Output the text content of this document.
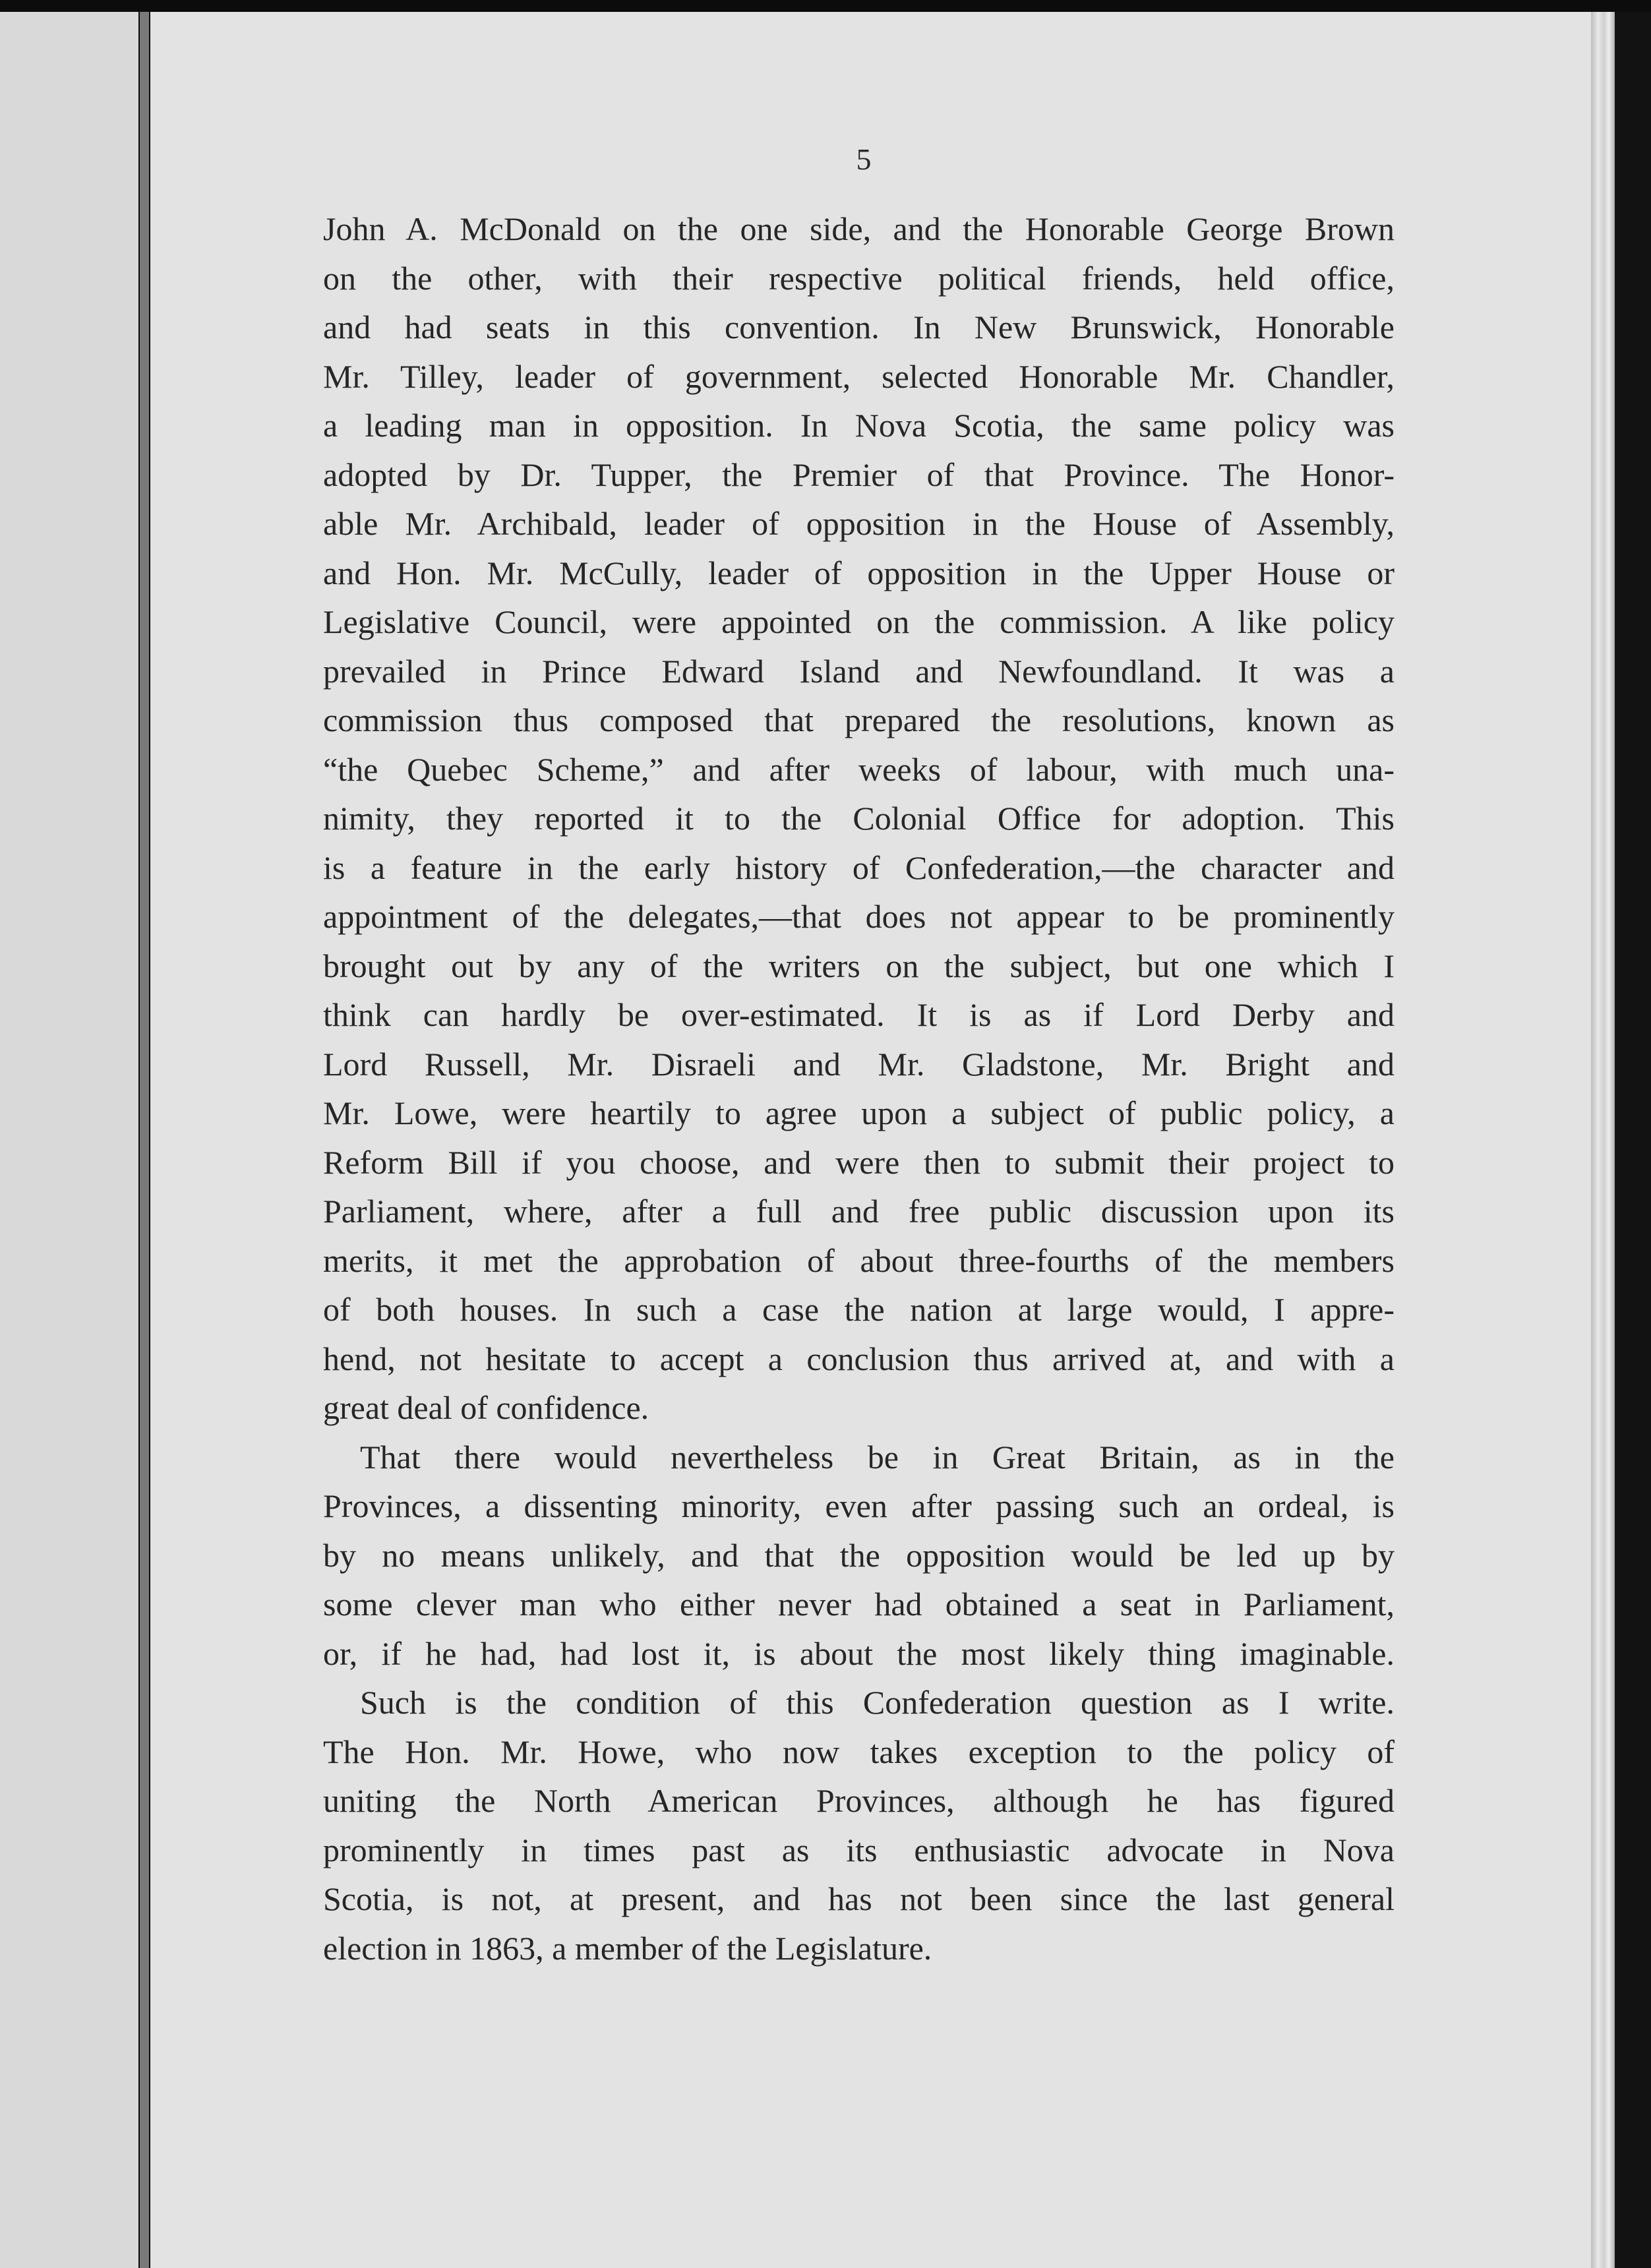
5
John A. McDonald on the one side, and the Honorable George Brown
on the other, with their respective political friends, held office,
and had seats in this convention. In New Brunswick, Honorable
Mr. Tilley, leader of government, selected Honorable Mr. Chandler,
a leading man in opposition. In Nova Scotia, the same policy was
adopted by Dr. Tupper, the Premier of that Province. The Honor-
able Mr. Archibald, leader of opposition in the House of Assembly,
and Hon. Mr. McCully, leader of opposition in the Upper House or
Legislative Council, were appointed on the commission. A like policy
prevailed in Prince Edward Island and Newfoundland. It was a
commission thus composed that prepared the resolutions, known as
“the Quebec Scheme,” and after weeks of labour, with much una-
nimity, they reported it to the Colonial Office for adoption. This
is a feature in the early history of Confederation,—the character and
appointment of the delegates,—that does not appear to be prominently
brought out by any of the writers on the subject, but one which I
think can hardly be over-estimated. It is as if Lord Derby and
Lord Russell, Mr. Disraeli and Mr. Gladstone, Mr. Bright and
Mr. Lowe, were heartily to agree upon a subject of public policy, a
Reform Bill if you choose, and were then to submit their project to
Parliament, where, after a full and free public discussion upon its
merits, it met the approbation of about three-fourths of the members
of both houses. In such a case the nation at large would, I appre-
hend, not hesitate to accept a conclusion thus arrived at, and with a
great deal of confidence.
That there would nevertheless be in Great Britain, as in the
Provinces, a dissenting minority, even after passing such an ordeal, is
by no means unlikely, and that the opposition would be led up by
some clever man who either never had obtained a seat in Parliament,
or, if he had, had lost it, is about the most likely thing imaginable.
Such is the condition of this Confederation question as I write.
The Hon. Mr. Howe, who now takes exception to the policy of
uniting the North American Provinces, although he has figured
prominently in times past as its enthusiastic advocate in Nova
Scotia, is not, at present, and has not been since the last general
election in 1863, a member of the Legislature.
